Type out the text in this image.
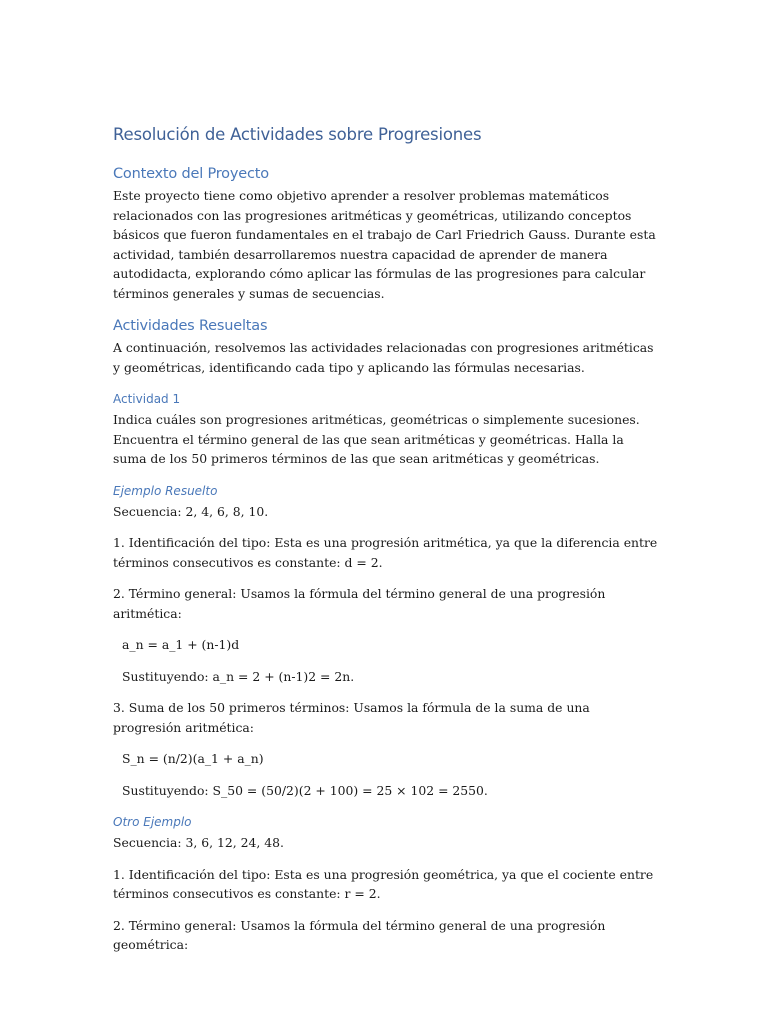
Resolución de Actividades sobre Progresiones
Contexto del Proyecto

Este proyecto tiene como objetivo aprender a resolver problemas matemáticos relacionados con las progresiones aritméticas y geométricas, utilizando conceptos básicos que fueron fundamentales en el trabajo de Carl Friedrich Gauss. Durante esta actividad, también desarrollaremos nuestra capacidad de aprender de manera autodidacta, explorando cómo aplicar las fórmulas de las progresiones para calcular términos generales y sumas de secuencias.

Actividades Resueltas

A continuación, resolvemos las actividades relacionadas con progresiones aritméticas y geométricas, identificando cada tipo y aplicando las fórmulas necesarias.

Actividad 1

Indica cuáles son progresiones aritméticas, geométricas o simplemente sucesiones. Encuentra el término general de las que sean aritméticas y geométricas. Halla la suma de los 50 primeros términos de las que sean aritméticas y geométricas.

Ejemplo Resuelto

Secuencia: 2, 4, 6, 8, 10.

1. Identificación del tipo: Esta es una progresión aritmética, ya que la diferencia entre términos consecutivos es constante: d = 2.

2. Término general: Usamos la fórmula del término general de una progresión aritmética:

a_n = a_1 + (n-1)d

Sustituyendo: a_n = 2 + (n-1)2 = 2n.

3. Suma de los 50 primeros términos: Usamos la fórmula de la suma de una progresión aritmética:

S_n = (n/2)(a_1 + a_n)

Sustituyendo: S_50 = (50/2)(2 + 100) = 25 × 102 = 2550.

Otro Ejemplo

Secuencia: 3, 6, 12, 24, 48.

1. Identificación del tipo: Esta es una progresión geométrica, ya que el cociente entre términos consecutivos es constante: r = 2.

2. Término general: Usamos la fórmula del término general de una progresión geométrica:
